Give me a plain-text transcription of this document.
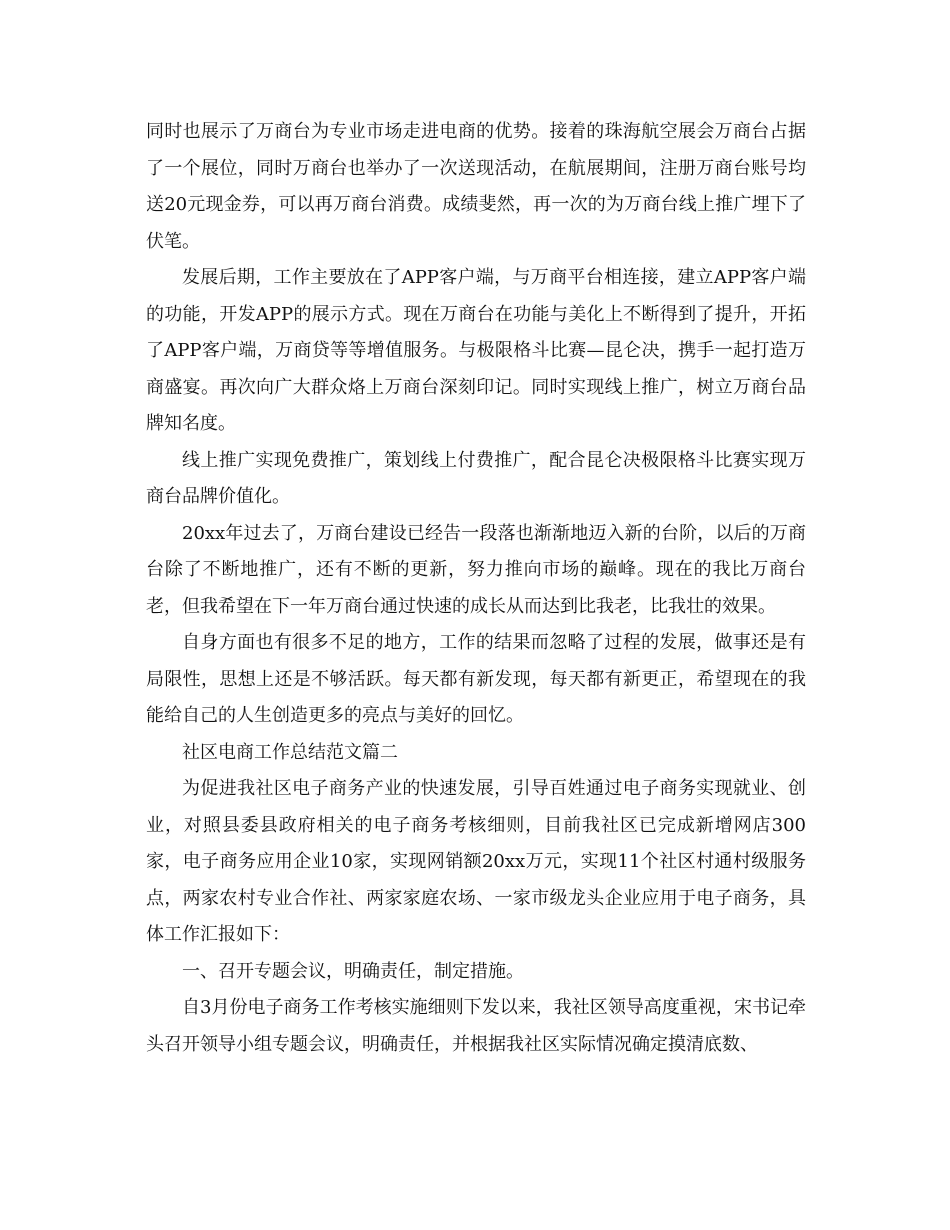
同时也展示了万商台为专业市场走进电商的优势。接着的珠海航空展会万商台占据了一个展位，同时万商台也举办了一次送现活动，在航展期间，注册万商台账号均送20元现金券，可以再万商台消费。成绩斐然，再一次的为万商台线上推广埋下了伏笔。

发展后期，工作主要放在了APP客户端，与万商平台相连接，建立APP客户端的功能，开发APP的展示方式。现在万商台在功能与美化上不断得到了提升，开拓了APP客户端，万商贷等等增值服务。与极限格斗比赛—昆仑决，携手一起打造万商盛宴。再次向广大群众烙上万商台深刻印记。同时实现线上推广，树立万商台品牌知名度。

线上推广实现免费推广，策划线上付费推广，配合昆仑决极限格斗比赛实现万商台品牌价值化。

20xx年过去了，万商台建设已经告一段落也渐渐地迈入新的台阶，以后的万商台除了不断地推广，还有不断的更新，努力推向市场的巅峰。现在的我比万商台老，但我希望在下一年万商台通过快速的成长从而达到比我老，比我壮的效果。

自身方面也有很多不足的地方，工作的结果而忽略了过程的发展，做事还是有局限性，思想上还是不够活跃。每天都有新发现，每天都有新更正，希望现在的我能给自己的人生创造更多的亮点与美好的回忆。

社区电商工作总结范文篇二

为促进我社区电子商务产业的快速发展，引导百姓通过电子商务实现就业、创业，对照县委县政府相关的电子商务考核细则，目前我社区已完成新增网店300家，电子商务应用企业10家，实现网销额20xx万元，实现11个社区村通村级服务点，两家农村专业合作社、两家家庭农场、一家市级龙头企业应用于电子商务，具体工作汇报如下：

一、召开专题会议，明确责任，制定措施。

自3月份电子商务工作考核实施细则下发以来，我社区领导高度重视，宋书记牵头召开领导小组专题会议，明确责任，并根据我社区实际情况确定摸清底数、
